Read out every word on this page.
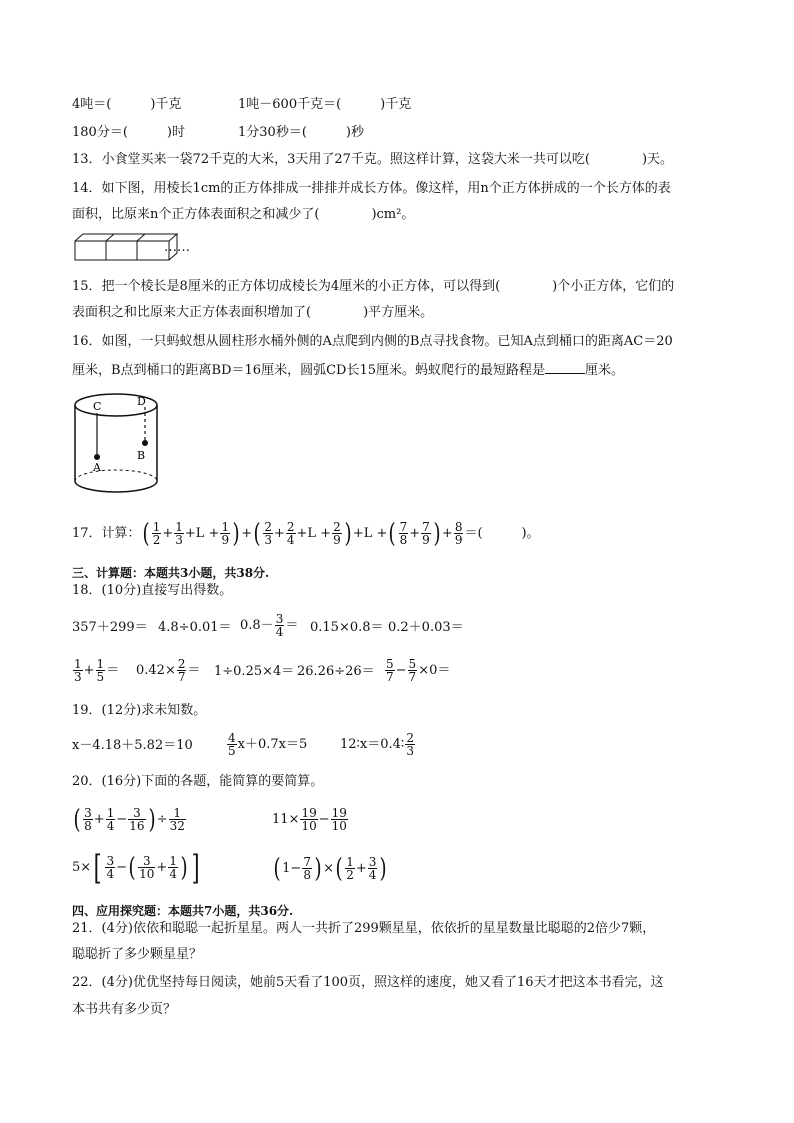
4吨＝(　　　)千克	1吨－600千克＝(　　　)千克
180分＝(　　　)时	1分30秒＝(　　　)秒
13．小食堂买来一袋72千克的大米，3天用了27千克。照这样计算，这袋大米一共可以吃(　　　　)天。
14．如下图，用棱长1cm的正方体排成一排排并成长方体。像这样，用n个正方体拼成的一个长方体的表
面积，比原来n个正方体表面积之和减少了(　　　　)cm²。
……
15．把一个棱长是8厘米的正方体切成棱长为4厘米的小正方体，可以得到(　　　　)个小正方体，它们的
表面积之和比原来大正方体表面积增加了(　　　　)平方厘米。
16．如图，一只蚂蚁想从圆柱形水桶外侧的A点爬到内侧的B点寻找食物。已知A点到桶口的距离AC＝20
厘米，B点到桶口的距离BD＝16厘米，圆弧CD长15厘米。蚂蚁爬行的最短路程是	厘米。
C	D
A
B
17．计算：( $\frac{1}{2} + \frac{1}{3} +L + \frac{1}{9}$ ) +( $\frac{2}{3} + \frac{2}{4} +L + \frac{2}{9}$ ) +L +( $\frac{7}{8} + \frac{7}{9}$ ) + $\frac{8}{9}$ ＝(　　　)。
三、计算题：本题共3小题，共38分.
18．(10分)直接写出得数。
$357+299= 4.8\div 0.01= 0.8- \frac{3}{4} = 0.15\times 0.8= 0.2+0.03=$
$\frac{1}{3} + \frac{1}{5} = 0.42\times \frac{2}{7} = 1\div 0.25\times 4= 26.26\div 26= \frac{5}{7} - \frac{5}{7} \times 0=$
19．(12分)求未知数。
x－4.18＋5.82＝10	$\frac{4}{5} x+0.7x=5$	12∶x＝0.4∶ $\frac{2}{3}$
20．(16分)下面的各题，能简算的要简算。
( $\frac{3}{8} + \frac{1}{4} - \frac{3}{16}$ ) ÷ $\frac{1}{32}$	$11\times \frac{19}{10} - \frac{19}{10}$
$5\times[ \frac{3}{4}$ −( $\frac{3}{10} + \frac{1}{4}$ ) ]	( $1- \frac{7}{8}$ ) ×( $\frac{1}{2} + \frac{3}{4}$ )
四、应用探究题：本题共7小题，共36分.
21．(4分)依依和聪聪一起折星星。两人一共折了299颗星星，依依折的星星数量比聪聪的2倍少7颗，
聪聪折了多少颗星星？
22．(4分)优优坚持每日阅读，她前5天看了100页，照这样的速度，她又看了16天才把这本书看完，这
本书共有多少页？
